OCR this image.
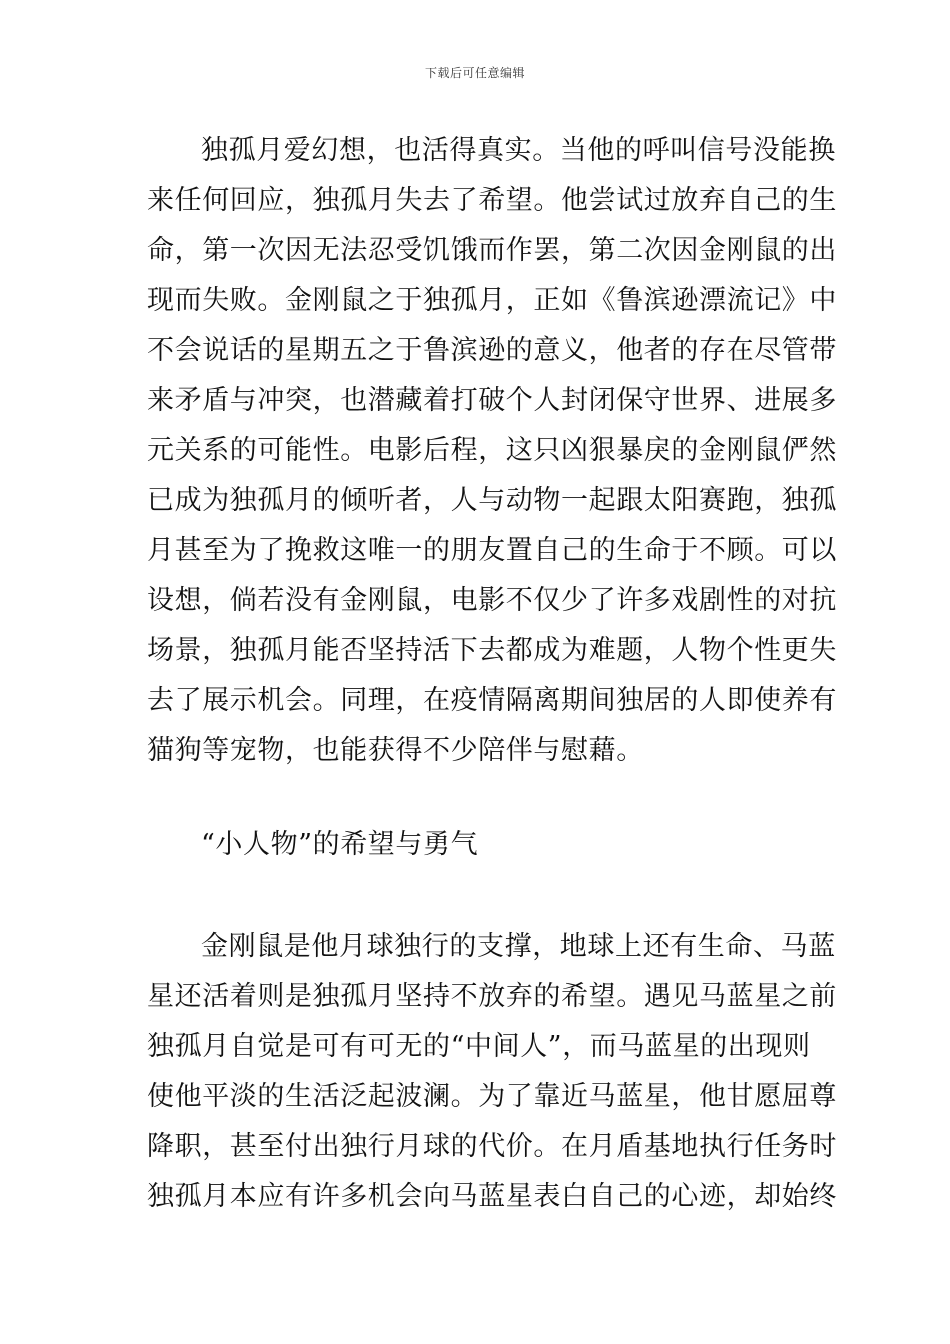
下载后可任意编辑
独孤月爱幻想，也活得真实。当他的呼叫信号没能换
来任何回应，独孤月失去了希望。他尝试过放弃自己的生
命，第一次因无法忍受饥饿而作罢，第二次因金刚鼠的出
现而失败。金刚鼠之于独孤月，正如《鲁滨逊漂流记》中
不会说话的星期五之于鲁滨逊的意义，他者的存在尽管带
来矛盾与冲突，也潜藏着打破个人封闭保守世界、进展多
元关系的可能性。电影后程，这只凶狠暴戾的金刚鼠俨然
已成为独孤月的倾听者，人与动物一起跟太阳赛跑，独孤
月甚至为了挽救这唯一的朋友置自己的生命于不顾。可以
设想，倘若没有金刚鼠，电影不仅少了许多戏剧性的对抗
场景，独孤月能否坚持活下去都成为难题，人物个性更失
去了展示机会。同理，在疫情隔离期间独居的人即使养有
猫狗等宠物，也能获得不少陪伴与慰藉。
“小人物”的希望与勇气
金刚鼠是他月球独行的支撑，地球上还有生命、马蓝
星还活着则是独孤月坚持不放弃的希望。遇见马蓝星之前
独孤月自觉是可有可无的“中间人”，而马蓝星的出现则
使他平淡的生活泛起波澜。为了靠近马蓝星，他甘愿屈尊
降职，甚至付出独行月球的代价。在月盾基地执行任务时
独孤月本应有许多机会向马蓝星表白自己的心迹，却始终
